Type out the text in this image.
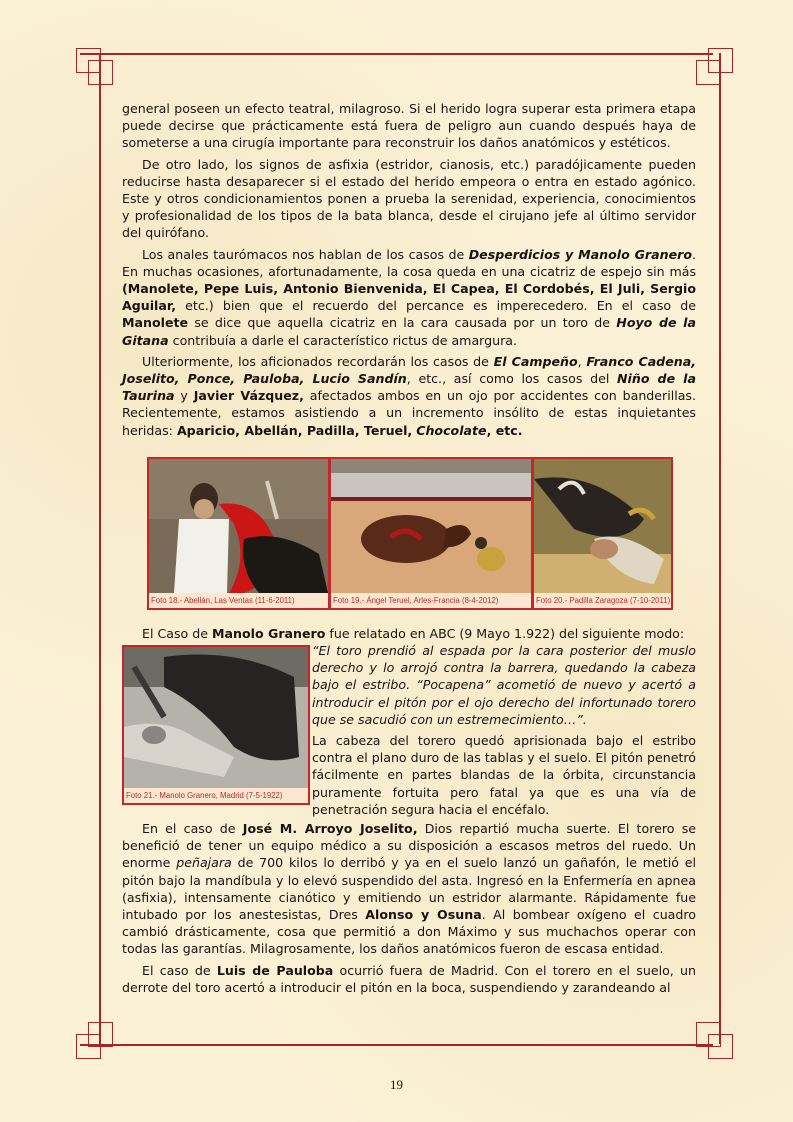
general poseen un efecto teatral, milagroso. Si el herido logra superar esta primera etapa puede decirse que prácticamente está fuera de peligro aun cuando después haya de someterse a una cirugía importante para reconstruir los daños anatómicos y estéticos.

De otro lado, los signos de asfixia (estridor, cianosis, etc.) paradójicamente pueden reducirse hasta desaparecer si el estado del herido empeora o entra en estado agónico. Este y otros condicionamientos ponen a prueba la serenidad, experiencia, conocimientos y profesionalidad de los tipos de la bata blanca, desde el cirujano jefe al último servidor del quirófano.

Los anales taurómacos nos hablan de los casos de Desperdicios y Manolo Granero. En muchas ocasiones, afortunadamente, la cosa queda en una cicatriz de espejo sin más (Manolete, Pepe Luis, Antonio Bienvenida, El Capea, El Cordobés, El Juli, Sergio Aguilar, etc.) bien que el recuerdo del percance es imperecedero. En el caso de Manolete se dice que aquella cicatriz en la cara causada por un toro de Hoyo de la Gitana contribuía a darle el característico rictus de amargura.

Ulteriormente, los aficionados recordarán los casos de El Campeño, Franco Cadena, Joselito, Ponce, Pauloba, Lucio Sandín, etc., así como los casos del Niño de la Taurina y Javier Vázquez, afectados ambos en un ojo por accidentes con banderillas. Recientemente, estamos asistiendo a un incremento insólito de estas inquietantes heridas: Aparicio, Abellán, Padilla, Teruel, Chocolate, etc.

Foto 18.- Abellán, Las Ventas (11-6-2011)	Foto 19.- Ángel Teruel, Arles-Francia (8-4-2012)	Foto 20.- Padilla Zaragoza (7-10-2011)

El Caso de Manolo Granero fue relatado en ABC (9 Mayo 1.922) del siguiente modo:

Foto 21.- Manolo Granero, Madrid (7-5-1922)

“El toro prendió al espada por la cara posterior del muslo derecho y lo arrojó contra la barrera, quedando la cabeza bajo el estribo. “Pocapena” acometió de nuevo y acertó a introducir el pitón por el ojo derecho del infortunado torero que se sacudió con un estremecimiento…”.

La cabeza del torero quedó aprisionada bajo el estribo contra el plano duro de las tablas y el suelo. El pitón penetró fácilmente en partes blandas de la órbita, circunstancia puramente fortuita pero fatal ya que es una vía de penetración segura hacia el encéfalo.

En el caso de José M. Arroyo Joselito, Dios repartió mucha suerte. El torero se benefició de tener un equipo médico a su disposición a escasos metros del ruedo. Un enorme peñajara de 700 kilos lo derribó y ya en el suelo lanzó un gañafón, le metió el pitón bajo la mandíbula y lo elevó suspendido del asta. Ingresó en la Enfermería en apnea (asfixia), intensamente cianótico y emitiendo un estridor alarmante. Rápidamente fue intubado por los anestesistas, Dres Alonso y Osuna. Al bombear oxígeno el cuadro cambió drásticamente, cosa que permitió a don Máximo y sus muchachos operar con todas las garantías. Milagrosamente, los daños anatómicos fueron de escasa entidad.

El caso de Luis de Pauloba ocurrió fuera de Madrid. Con el torero en el suelo, un derrote del toro acertó a introducir el pitón en la boca, suspendiendo y zarandeando al

19
